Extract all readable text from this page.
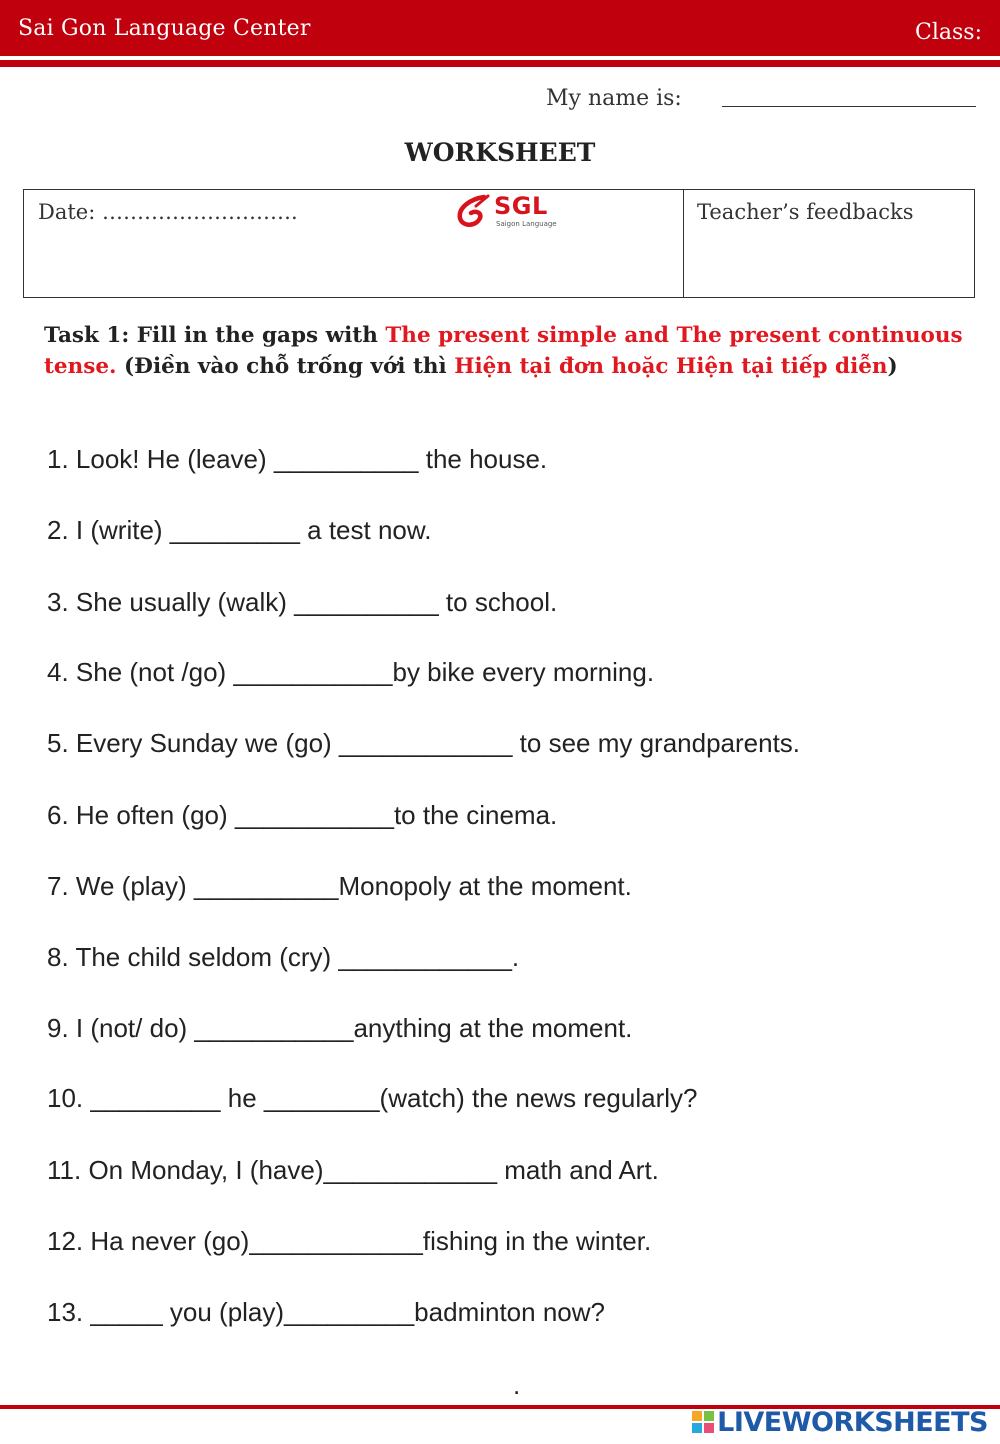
Sai Gon Language Center	Class:
My name is:
WORKSHEET
Date: ……………………….	SGL
Saigon Language	Teacher’s feedbacks
Task 1: Fill in the gaps with The present simple and The present continuous tense. (Điền vào chỗ trống với thì Hiện tại đơn hoặc Hiện tại tiếp diễn)
1. Look! He (leave) __________ the house.
2. I (write) _________ a test now.
3. She usually (walk) __________ to school.
4. She (not /go) ___________by bike every morning.
5. Every Sunday we (go) ____________ to see my grandparents.
6. He often (go) ___________to the cinema.
7. We (play) __________Monopoly at the moment.
8. The child seldom (cry) ____________.
9. I (not/ do) ___________anything at the moment.
10. _________ he ________(watch) the news regularly?
11. On Monday, I (have)____________ math and Art.
12. Ha never (go)____________fishing in the winter.
13. _____ you (play)_________badminton now?
.
LIVEWORKSHEETS
